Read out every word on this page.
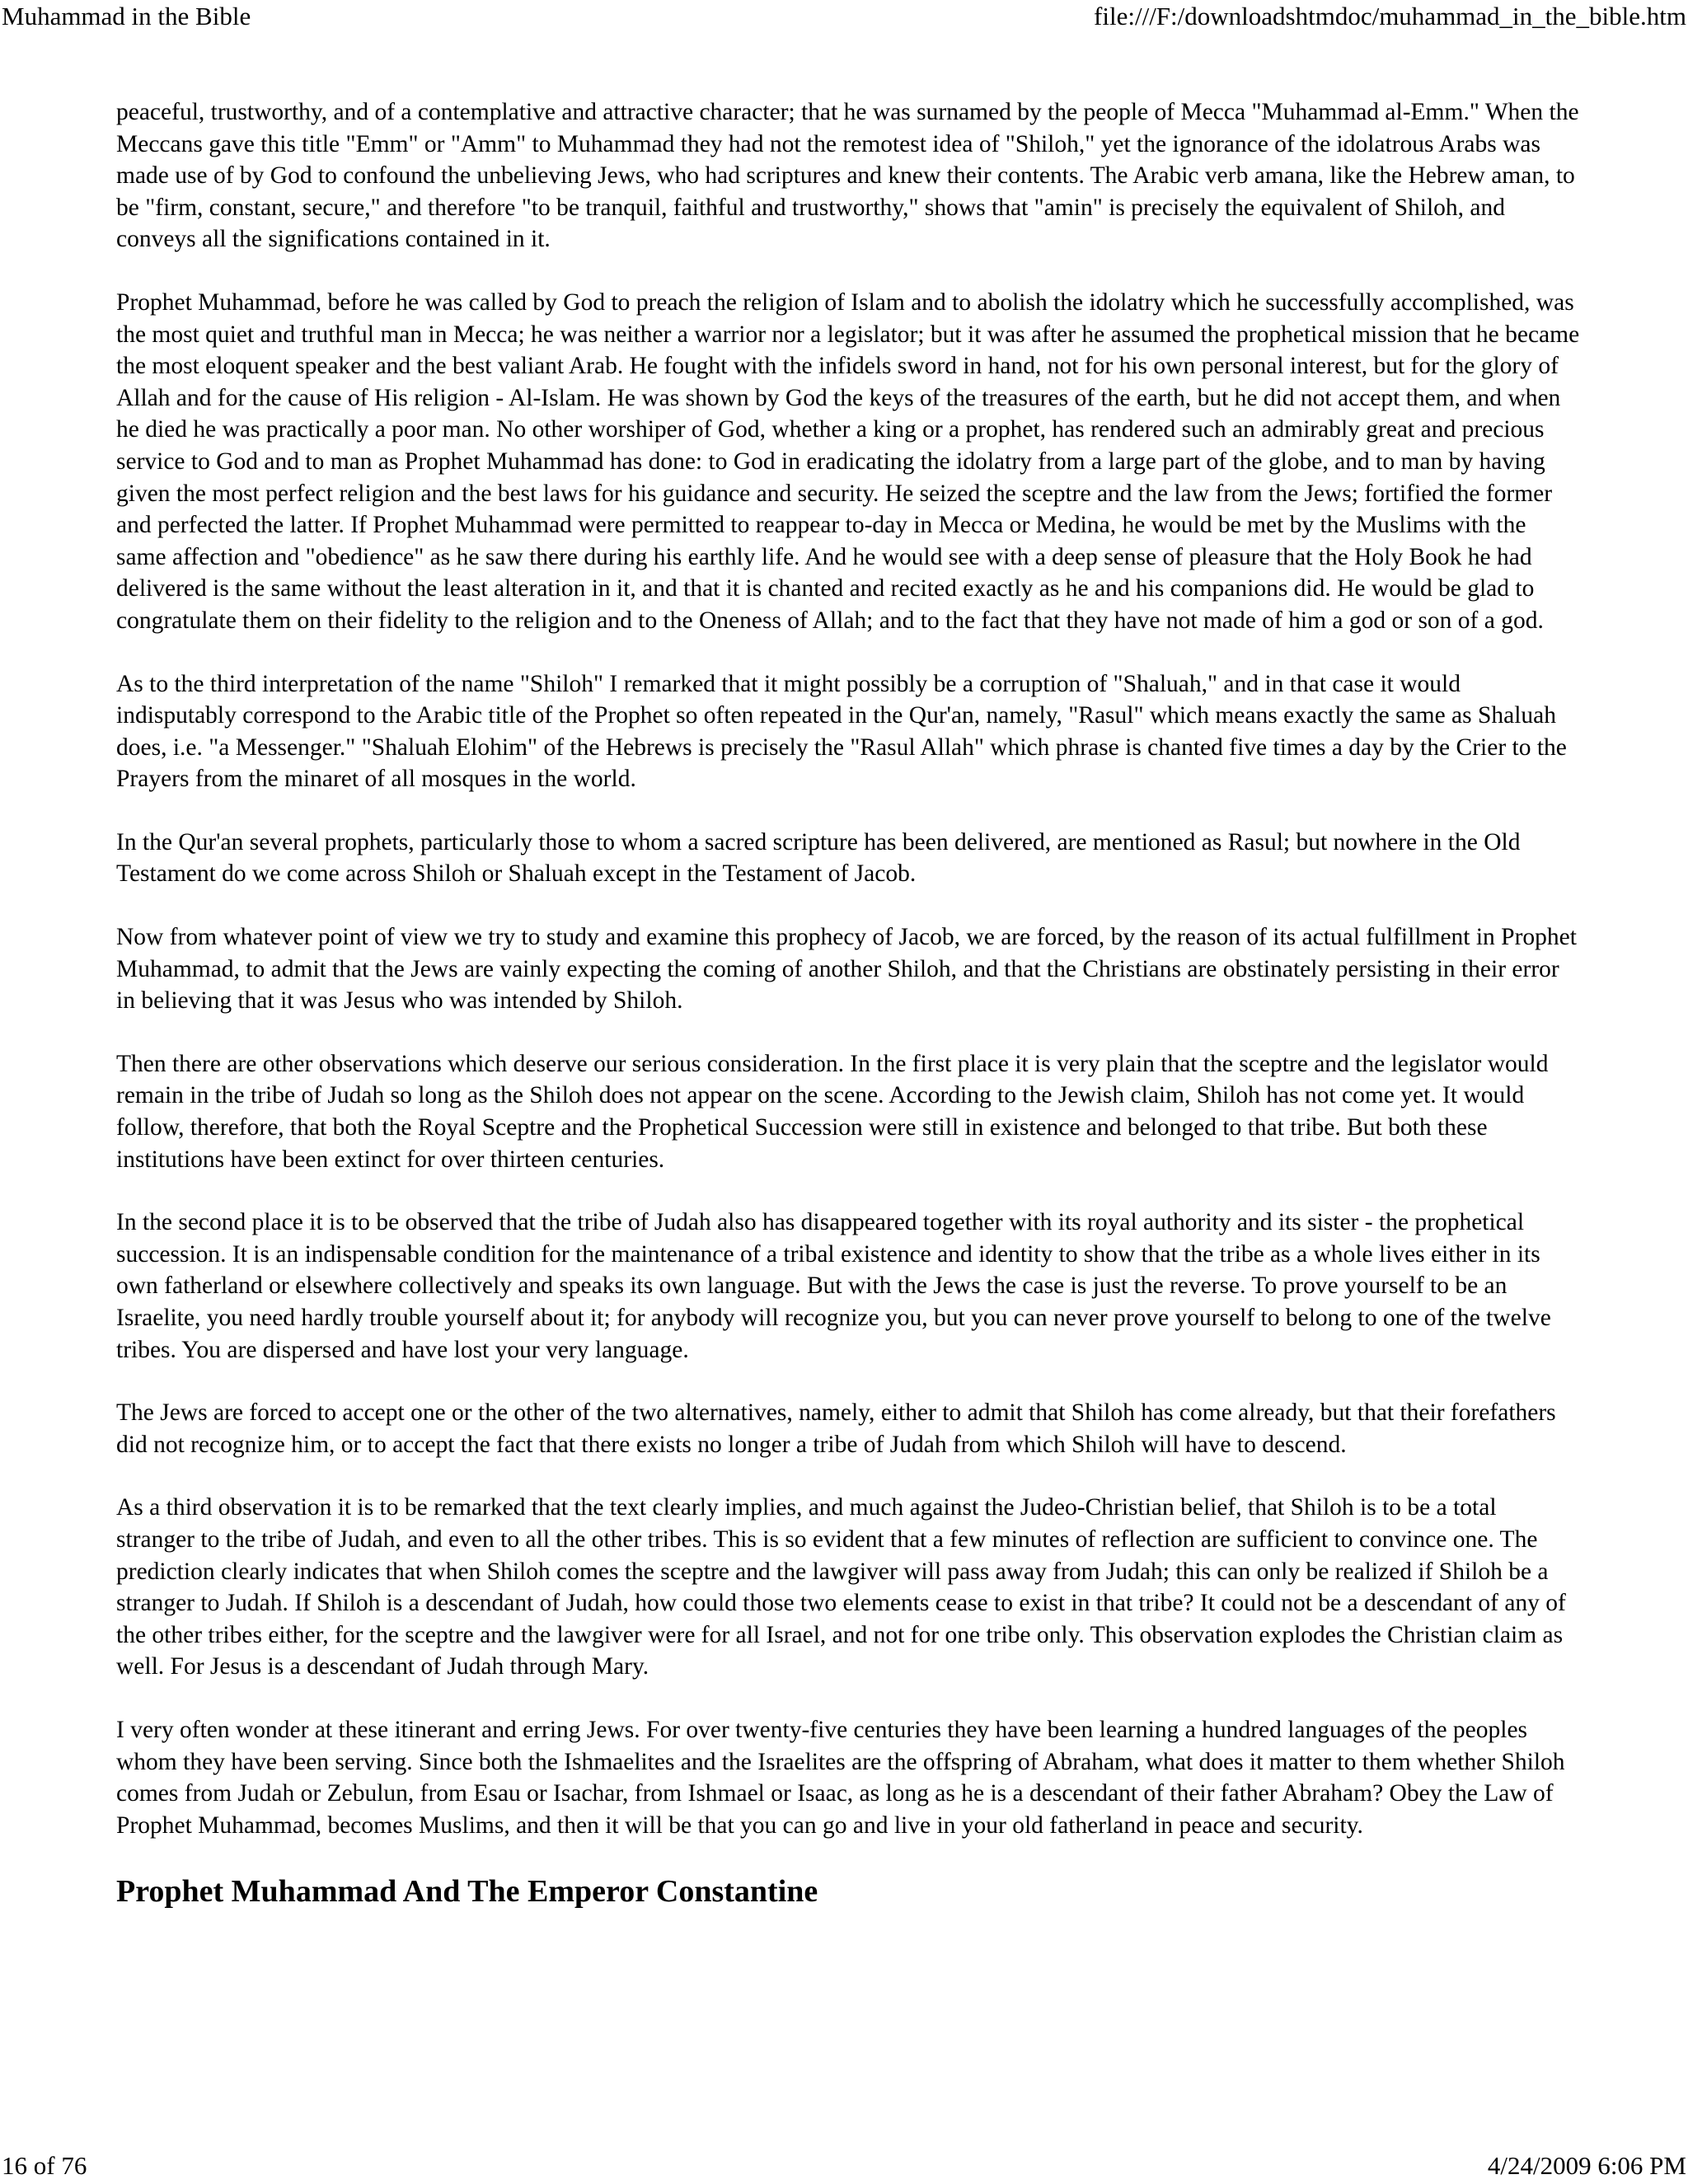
Muhammad in the Bible	file:///F:/downloadshtmdoc/muhammad_in_the_bible.htm

peaceful, trustworthy, and of a contemplative and attractive character; that he was surnamed by the people of Mecca "Muhammad al-Emm." When the Meccans gave this title "Emm" or "Amm" to Muhammad they had not the remotest idea of "Shiloh," yet the ignorance of the idolatrous Arabs was made use of by God to confound the unbelieving Jews, who had scriptures and knew their contents. The Arabic verb amana, like the Hebrew aman, to be "firm, constant, secure," and therefore "to be tranquil, faithful and trustworthy," shows that "amin" is precisely the equivalent of Shiloh, and conveys all the significations contained in it.

Prophet Muhammad, before he was called by God to preach the religion of Islam and to abolish the idolatry which he successfully accomplished, was the most quiet and truthful man in Mecca; he was neither a warrior nor a legislator; but it was after he assumed the prophetical mission that he became the most eloquent speaker and the best valiant Arab. He fought with the infidels sword in hand, not for his own personal interest, but for the glory of Allah and for the cause of His religion - Al-Islam. He was shown by God the keys of the treasures of the earth, but he did not accept them, and when he died he was practically a poor man. No other worshiper of God, whether a king or a prophet, has rendered such an admirably great and precious service to God and to man as Prophet Muhammad has done: to God in eradicating the idolatry from a large part of the globe, and to man by having given the most perfect religion and the best laws for his guidance and security. He seized the sceptre and the law from the Jews; fortified the former and perfected the latter. If Prophet Muhammad were permitted to reappear to-day in Mecca or Medina, he would be met by the Muslims with the same affection and "obedience" as he saw there during his earthly life. And he would see with a deep sense of pleasure that the Holy Book he had delivered is the same without the least alteration in it, and that it is chanted and recited exactly as he and his companions did. He would be glad to congratulate them on their fidelity to the religion and to the Oneness of Allah; and to the fact that they have not made of him a god or son of a god.

As to the third interpretation of the name "Shiloh" I remarked that it might possibly be a corruption of "Shaluah," and in that case it would indisputably correspond to the Arabic title of the Prophet so often repeated in the Qur'an, namely, "Rasul" which means exactly the same as Shaluah does, i.e. "a Messenger." "Shaluah Elohim" of the Hebrews is precisely the "Rasul Allah" which phrase is chanted five times a day by the Crier to the Prayers from the minaret of all mosques in the world.

In the Qur'an several prophets, particularly those to whom a sacred scripture has been delivered, are mentioned as Rasul; but nowhere in the Old Testament do we come across Shiloh or Shaluah except in the Testament of Jacob.

Now from whatever point of view we try to study and examine this prophecy of Jacob, we are forced, by the reason of its actual fulfillment in Prophet Muhammad, to admit that the Jews are vainly expecting the coming of another Shiloh, and that the Christians are obstinately persisting in their error in believing that it was Jesus who was intended by Shiloh.

Then there are other observations which deserve our serious consideration. In the first place it is very plain that the sceptre and the legislator would remain in the tribe of Judah so long as the Shiloh does not appear on the scene. According to the Jewish claim, Shiloh has not come yet. It would follow, therefore, that both the Royal Sceptre and the Prophetical Succession were still in existence and belonged to that tribe. But both these institutions have been extinct for over thirteen centuries.

In the second place it is to be observed that the tribe of Judah also has disappeared together with its royal authority and its sister - the prophetical succession. It is an indispensable condition for the maintenance of a tribal existence and identity to show that the tribe as a whole lives either in its own fatherland or elsewhere collectively and speaks its own language. But with the Jews the case is just the reverse. To prove yourself to be an Israelite, you need hardly trouble yourself about it; for anybody will recognize you, but you can never prove yourself to belong to one of the twelve tribes. You are dispersed and have lost your very language.

The Jews are forced to accept one or the other of the two alternatives, namely, either to admit that Shiloh has come already, but that their forefathers did not recognize him, or to accept the fact that there exists no longer a tribe of Judah from which Shiloh will have to descend.

As a third observation it is to be remarked that the text clearly implies, and much against the Judeo-Christian belief, that Shiloh is to be a total stranger to the tribe of Judah, and even to all the other tribes. This is so evident that a few minutes of reflection are sufficient to convince one. The prediction clearly indicates that when Shiloh comes the sceptre and the lawgiver will pass away from Judah; this can only be realized if Shiloh be a stranger to Judah. If Shiloh is a descendant of Judah, how could those two elements cease to exist in that tribe? It could not be a descendant of any of the other tribes either, for the sceptre and the lawgiver were for all Israel, and not for one tribe only. This observation explodes the Christian claim as well. For Jesus is a descendant of Judah through Mary.

I very often wonder at these itinerant and erring Jews. For over twenty-five centuries they have been learning a hundred languages of the peoples whom they have been serving. Since both the Ishmaelites and the Israelites are the offspring of Abraham, what does it matter to them whether Shiloh comes from Judah or Zebulun, from Esau or Isachar, from Ishmael or Isaac, as long as he is a descendant of their father Abraham? Obey the Law of Prophet Muhammad, becomes Muslims, and then it will be that you can go and live in your old fatherland in peace and security.

Prophet Muhammad And The Emperor Constantine
16 of 76	4/24/2009 6:06 PM
